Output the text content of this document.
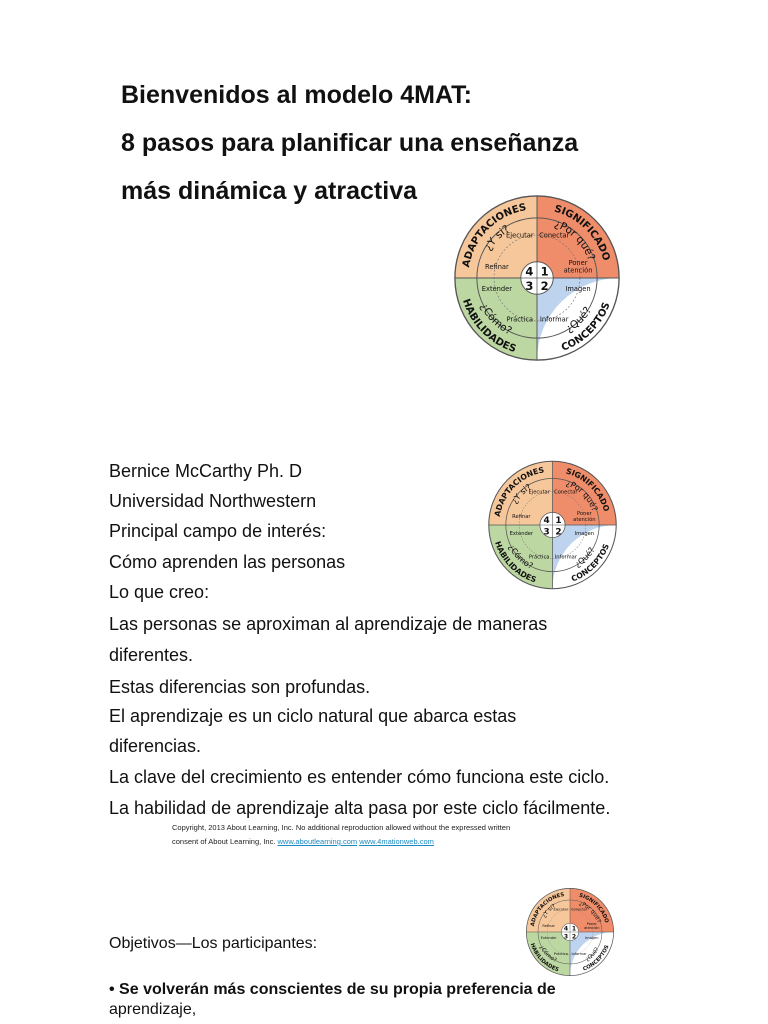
Bienvenidos al modelo 4MAT:
8 pasos para planificar una enseñanza
más dinámica y atractiva
ADAPTACIONES SIGNIFICADO
HABILIDADES	CONCEPTOS
¿Y si?	¿Por qué?
¿Cómo?	¿Qué?
Ejecutar Conectar
Refinar	Poner
atención
Extender	Imagen
Práctica Informar
4 1
3 2
Bernice McCarthy Ph. D
Universidad Northwestern
Principal campo de interés:
Cómo aprenden las personas
Lo que creo:
Las personas se aproximan al aprendizaje de maneras
diferentes.
Estas diferencias son profundas.
El aprendizaje es un ciclo natural que abarca estas
diferencias.
La clave del crecimiento es entender cómo funciona este ciclo.
La habilidad de aprendizaje alta pasa por este ciclo fácilmente.
ADAPTACIONES SIGNIFICADO
HABILIDADES	CONCEPTOS
¿Y si?	¿Por qué?
¿Cómo?	¿Qué?
Ejecutar Conectar
Refinar	Poner
atención
Extender	Imagen
Práctica Informar
4 1
3 2
Copyright, 2013 About Learning, Inc. No additional reproduction allowed without the expressed written
consent of About Learning, Inc. www.aboutlearning.com www.4mationweb.com
ADAPTACIONES SIGNIFICADO
HABILIDADES CONCEPTOS
¿Y si? ¿Por qué?
¿Cómo? ¿Qué?
Ejecutar Conectar
Refinar
Poner
atención
Extender	Imagen
Práctica Informar
4 1
3 2
Objetivos—Los participantes:
• Se volverán más conscientes de su propia preferencia de
aprendizaje,
